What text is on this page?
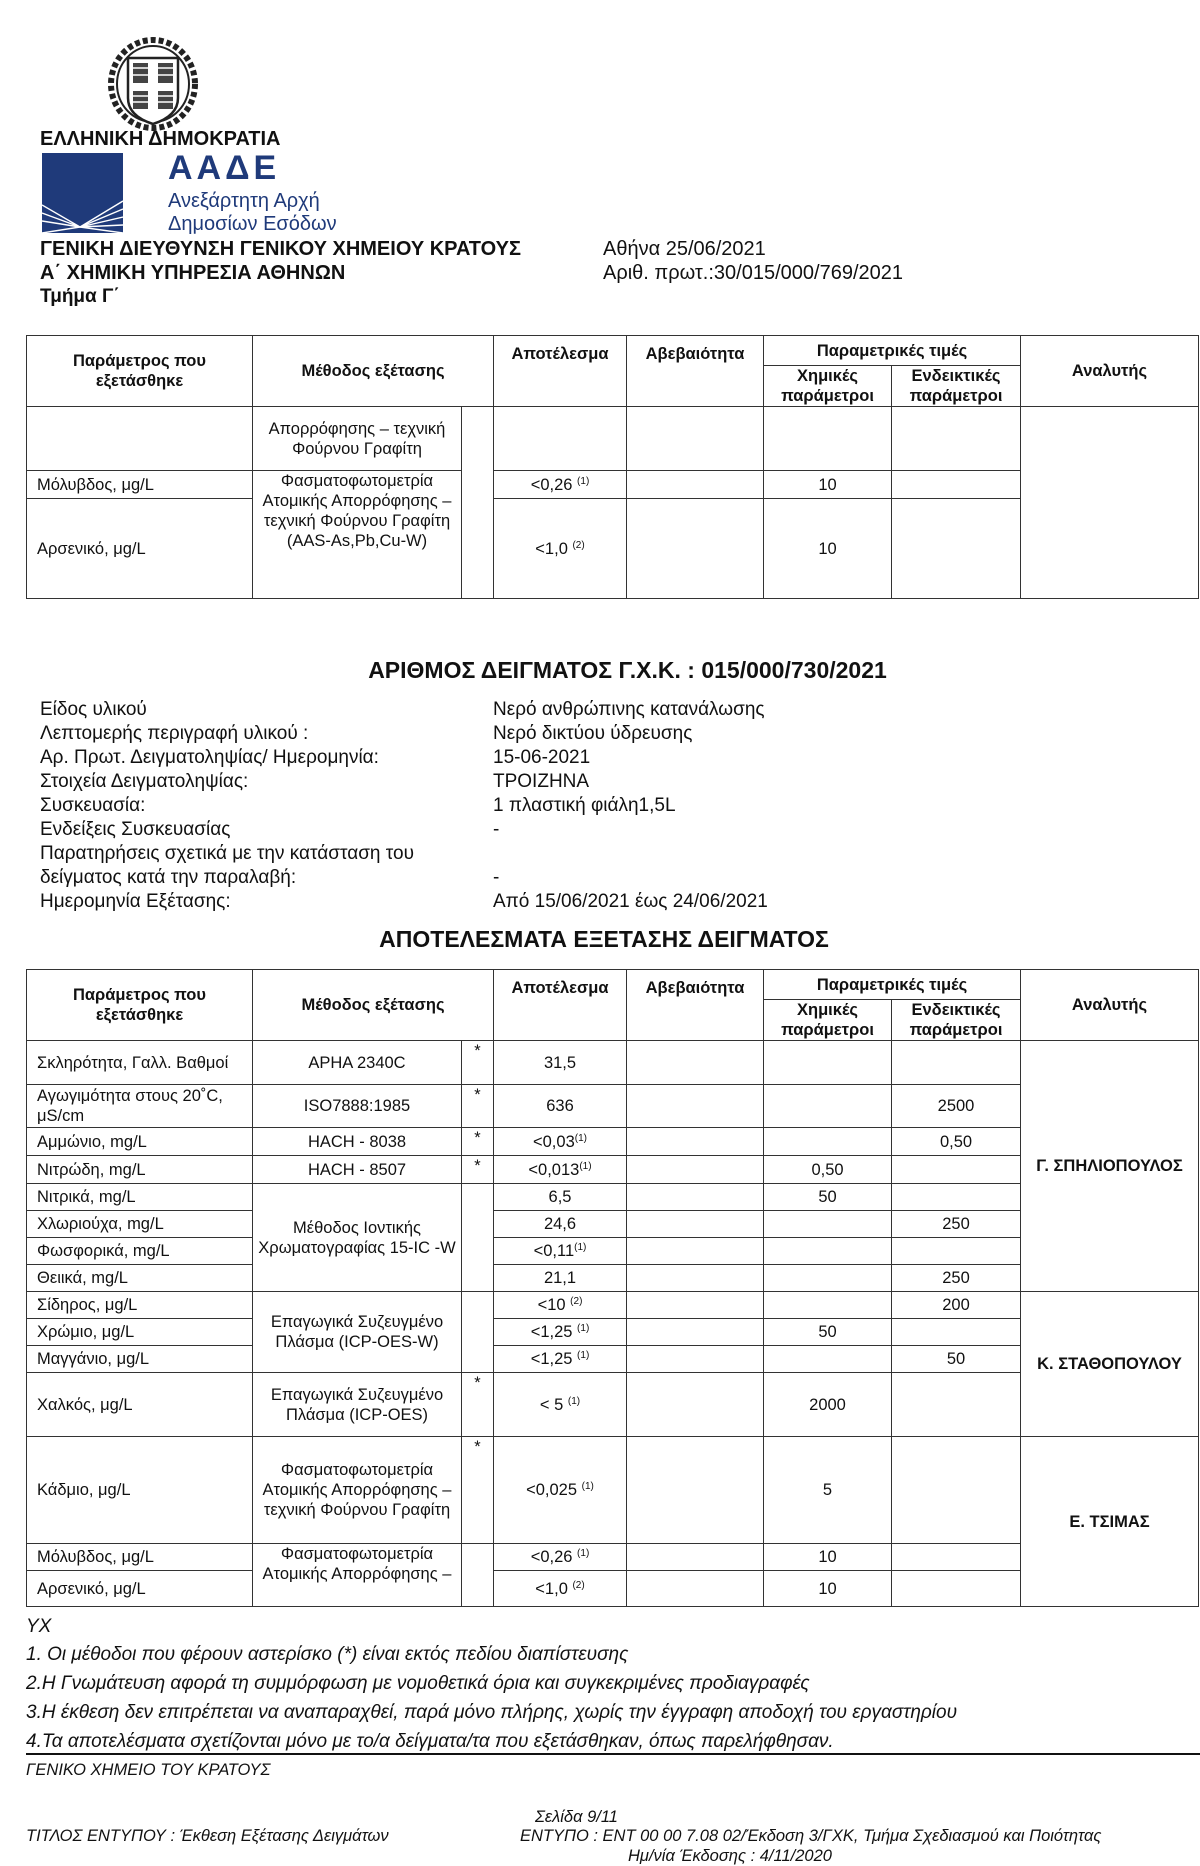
ΕΛΛΗΝΙΚΗ ΔΗΜΟΚΡΑΤΙΑ
ΑΑΔΕ
Ανεξάρτητη Αρχή
Δημοσίων Εσόδων
ΓΕΝΙΚΗ ΔΙΕΥΘΥΝΣΗ ΓΕΝΙΚΟΥ ΧΗΜΕΙΟΥ ΚΡΑΤΟΥΣ
Α΄ ΧΗΜΙΚΗ ΥΠΗΡΕΣΙΑ ΑΘΗΝΩΝ
Τμήμα Γ΄
Αθήνα 25/06/2021
Αριθ. πρωτ.:30/015/000/769/2021
Παράμετρος που εξετάσθηκε	Μέθοδος εξέτασης		Αποτέλεσμα	Αβεβαιότητα	Παραμετρικές τιμές		Αναλυτής
					Χημικές παράμετροι	Ενδεικτικές παράμετροι	
	Απορρόφησης – τεχνική Φούρνου Γραφίτη						
Μόλυβδος, μg/L	Φασματοφωτομετρία Ατομικής Απορρόφησης – τεχνική Φούρνου Γραφίτη (AAS-As,Pb,Cu-W)		<0,26 $^{(1)}$		10		
Αρσενικό, μg/L			<1,0 $^{(2)}$		10		
ΑΡΙΘΜΟΣ ΔΕΙΓΜΑΤΟΣ Γ.Χ.Κ. : 015/000/730/2021
Είδος υλικού	Νερό ανθρώπινης κατανάλωσης
Λεπτομερής περιγραφή υλικού :	Νερό δικτύου ύδρευσης
Αρ. Πρωτ. Δειγματοληψίας/ Ημερομηνία:	15-06-2021
Στοιχεία Δειγματοληψίας:	ΤΡΟΙΖΗΝΑ
Συσκευασία:	1 πλαστική φιάλη1,5L
Ενδείξεις Συσκευασίας	-
Παρατηρήσεις σχετικά με την κατάσταση του
δείγματος κατά την παραλαβή:	-
Ημερομηνία Εξέτασης:	Από 15/06/2021 έως 24/06/2021
ΑΠΟΤΕΛΕΣΜΑΤΑ ΕΞΕΤΑΣΗΣ ΔΕΙΓΜΑΤΟΣ
Παράμετρος που εξετάσθηκε	Μέθοδος εξέτασης		Αποτέλεσμα	Αβεβαιότητα	Παραμετρικές τιμές		Αναλυτής
					Χημικές παράμετροι	Ενδεικτικές παράμετροι	
Σκληρότητα, Γαλλ. Βαθμοί	APHA 2340C	*	31,5				Γ. ΣΠΗΛΙΟΠΟΥΛΟΣ
Αγωγιμότητα στους 20˚C, μS/cm	ISO7888:1985	*	636			2500	
Αμμώνιο, mg/L	HACH - 8038	*	$<0,03^{(1)}$			0,50	
Νιτρώδη, mg/L	HACH - 8507	*	$<0,013^{(1)}$		0,50		
Νιτρικά, mg/L	Μέθοδος Ιοντικής Χρωματογραφίας 15-IC -W		6,5		50		
Χλωριούχα, mg/L			24,6			250	
Φωσφορικά, mg/L			$<0,11^{(1)}$			
Θειικά, mg/L			21,1			250	
Σίδηρος, μg/L	Επαγωγικά Συζευγμένο Πλάσμα (ICP-OES-W)		<10 $^{(2)}$			200	Κ. ΣΤΑΘΟΠΟΥΛΟΥ
Χρώμιο, μg/L			<1,25 $^{(1)}$		50		
Μαγγάνιο, μg/L			<1,25 $^{(1)}$			50	
Χαλκός, μg/L	Επαγωγικά Συζευγμένο Πλάσμα (ICP-OES)	*	< 5 $^{(1)}$		2000		
Κάδμιο, μg/L	Φασματοφωτομετρία Ατομικής Απορρόφησης – τεχνική Φούρνου Γραφίτη	*	<0,025 $^{(1)}$		5		Ε. ΤΣΙΜΑΣ
Μόλυβδος, μg/L	Φασματοφωτομετρία Ατομικής Απορρόφησης –		<0,26 $^{(1)}$		10		
Αρσενικό, μg/L			<1,0 $^{(2)}$		10		
ΥΧ
1. Οι μέθοδοι που φέρουν αστερίσκο (*) είναι εκτός πεδίου διαπίστευσης
2.Η Γνωμάτευση αφορά τη συμμόρφωση με νομοθετικά όρια και συγκεκριμένες προδιαγραφές
3.Η έκθεση δεν επιτρέπεται να αναπαραχθεί, παρά μόνο πλήρης, χωρίς την έγγραφη αποδοχή του εργαστηρίου
4.Τα αποτελέσματα σχετίζονται μόνο με το/α δείγματα/τα που εξετάσθηκαν, όπως παρελήφθησαν.
ΓΕΝΙΚΟ ΧΗΜΕΙΟ ΤΟΥ ΚΡΑΤΟΥΣ
Σελίδα 9/11
ΤΙΤΛΟΣ ΕΝΤΥΠΟΥ : Έκθεση Εξέτασης Δειγμάτων	ΕΝΤΥΠΟ : ΕΝΤ 00 00 7.08 02/Έκδοση 3/ΓΧΚ, Τμήμα Σχεδιασμού και Ποιότητας
Ημ/νία Έκδοσης : 4/11/2020
